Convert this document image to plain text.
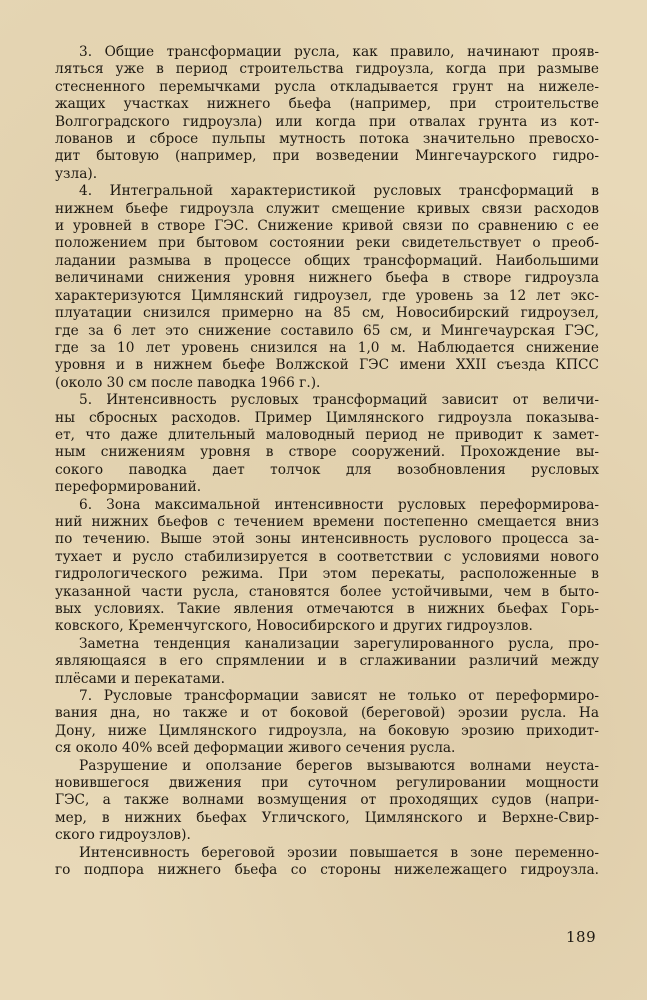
3. Общие трансформации русла, как правило, начинают прояв-
ляться уже в период строительства гидроузла, когда при размыве
стесненного перемычками русла откладывается грунт на нижеле-
жащих участках нижнего бьефа (например, при строительстве
Волгоградского гидроузла) или когда при отвалах грунта из кот-
лованов и сбросе пульпы мутность потока значительно превосхо-
дит бытовую (например, при возведении Мингечаурского гидро-
узла).

4. Интегральной характеристикой русловых трансформаций в
нижнем бьефе гидроузла служит смещение кривых связи расходов
и уровней в створе ГЭС. Снижение кривой связи по сравнению с ее
положением при бытовом состоянии реки свидетельствует о преоб-
ладании размыва в процессе общих трансформаций. Наибольшими
величинами снижения уровня нижнего бьефа в створе гидроузла
характеризуются Цимлянский гидроузел, где уровень за 12 лет экс-
плуатации снизился примерно на 85 см, Новосибирский гидроузел,
где за 6 лет это снижение составило 65 см, и Мингечаурская ГЭС,
где за 10 лет уровень снизился на 1,0 м. Наблюдается снижение
уровня и в нижнем бьефе Волжской ГЭС имени XXII съезда КПСС
(около 30 см после паводка 1966 г.).

5. Интенсивность русловых трансформаций зависит от величи-
ны сбросных расходов. Пример Цимлянского гидроузла показыва-
ет, что даже длительный маловодный период не приводит к замет-
ным снижениям уровня в створе сооружений. Прохождение вы-
сокого паводка дает толчок для возобновления русловых
переформирований.

6. Зона максимальной интенсивности русловых переформирова-
ний нижних бьефов с течением времени постепенно смещается вниз
по течению. Выше этой зоны интенсивность руслового процесса за-
тухает и русло стабилизируется в соответствии с условиями нового
гидрологического режима. При этом перекаты, расположенные в
указанной части русла, становятся более устойчивыми, чем в быто-
вых условиях. Такие явления отмечаются в нижних бьефах Горь-
ковского, Кременчугского, Новосибирского и других гидроузлов.

Заметна тенденция канализации зарегулированного русла, про-
являющаяся в его спрямлении и в сглаживании различий между
плёсами и перекатами.

7. Русловые трансформации зависят не только от переформиро-
вания дна, но также и от боковой (береговой) эрозии русла. На
Дону, ниже Цимлянского гидроузла, на боковую эрозию приходит-
ся около 40% всей деформации живого сечения русла.

Разрушение и оползание берегов вызываются волнами неуста-
новившегося движения при суточном регулировании мощности
ГЭС, а также волнами возмущения от проходящих судов (напри-
мер, в нижних бьефах Угличского, Цимлянского и Верхне-Свир-
ского гидроузлов).

Интенсивность береговой эрозии повышается в зоне переменно-
го подпора нижнего бьефа со стороны нижележащего гидроузла.

189
